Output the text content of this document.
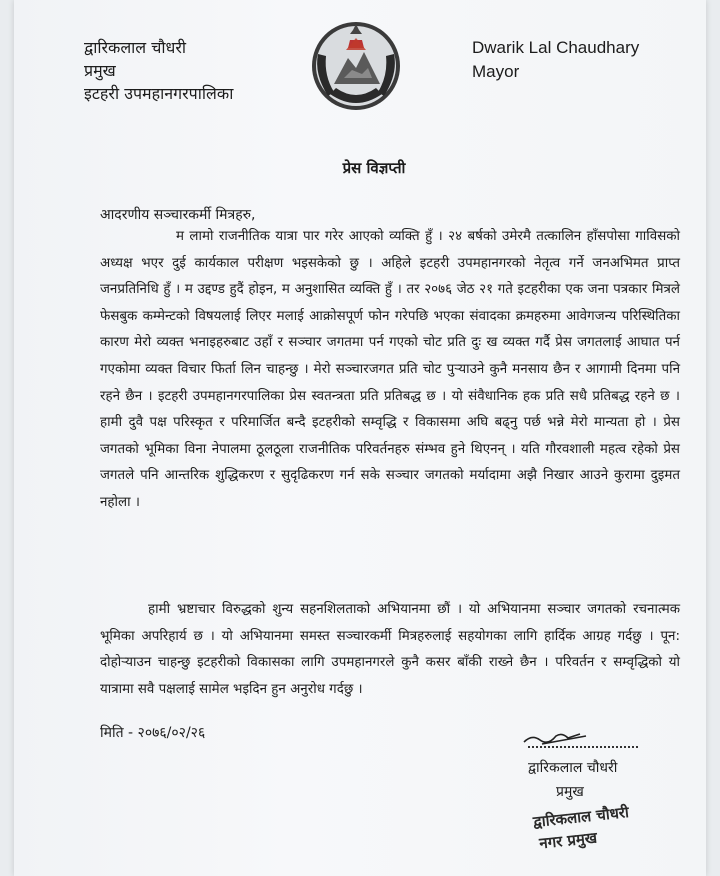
द्वारिकलाल चौधरी
प्रमुख
इटहरी उपमहानगरपालिका
Dwarik Lal Chaudhary
Mayor
प्रेस विज्ञप्ती
आदरणीय सञ्चारकर्मी मित्रहरु,

म लामो राजनीतिक यात्रा पार गरेर आएको व्यक्ति हुँ । २४ बर्षको उमेरमै तत्कालिन हाँसपोसा गाविसको अध्यक्ष भएर दुई कार्यकाल परीक्षण भइसकेको छु । अहिले इटहरी उपमहानगरको नेतृत्व गर्ने जनअभिमत प्राप्त जनप्रतिनिधि हुँ । म उद्दण्ड हुदैं होइन, म अनुशासित व्यक्ति हुँ । तर २०७६ जेठ २१ गते इटहरीका एक जना पत्रकार मित्रले फेसबुक कम्मेन्टको विषयलाई लिएर मलाई आक्रोसपूर्ण फोन गरेपछि भएका संवादका क्रमहरुमा आवेगजन्य परिस्थितिका कारण मेरो व्यक्त भनाइहरुबाट उहाँ र सञ्चार जगतमा पर्न गएको चोट प्रति दुः ख व्यक्त गर्दै प्रेस जगतलाई आघात पर्न गएकोमा व्यक्त विचार फिर्ता लिन चाहन्छु । मेरो सञ्चारजगत प्रति चोट पुर्‍याउने कुनै मनसाय छैन र आगामी दिनमा पनि रहने छैन । इटहरी उपमहानगरपालिका प्रेस स्वतन्त्रता प्रति प्रतिबद्ध छ । यो संवैधानिक हक प्रति सधै प्रतिबद्ध रहने छ । हामी दुवै पक्ष परिस्कृत र परिमार्जित बन्दै इटहरीको सम्वृद्धि र विकासमा अघि बढ्नु पर्छ भन्ने मेरो मान्यता हो । प्रेस जगतको भूमिका विना नेपालमा ठूलठूला राजनीतिक परिवर्तनहरु संम्भव हुने थिएनन् । यति गौरवशाली महत्व रहेको प्रेस जगतले पनि आन्तरिक शुद्धिकरण र सुदृढिकरण गर्न सके सञ्चार जगतको मर्यादामा अझै निखार आउने कुरामा दुइमत नहोला ।

हामी भ्रष्टाचार विरुद्धको शुन्य सहनशिलताको अभियानमा छौं । यो अभियानमा सञ्चार जगतको रचनात्मक भूमिका अपरिहार्य छ । यो अभियानमा समस्त सञ्चारकर्मी मित्रहरुलाई सहयोगका लागि हार्दिक आग्रह गर्दछु । पून: दोहोर्‍याउन चाहन्छु इटहरीको विकासका लागि उपमहानगरले कुनै कसर बाँकी राख्ने छैन । परिवर्तन र सम्वृद्धिको यो यात्रामा सवै पक्षलाई सामेल भइदिन हुन अनुरोध गर्दछु ।

मिति - २०७६/०२/२६
द्वारिकलाल चौधरी
प्रमुख
द्वारिकलाल चौधरी
नगर प्रमुख
